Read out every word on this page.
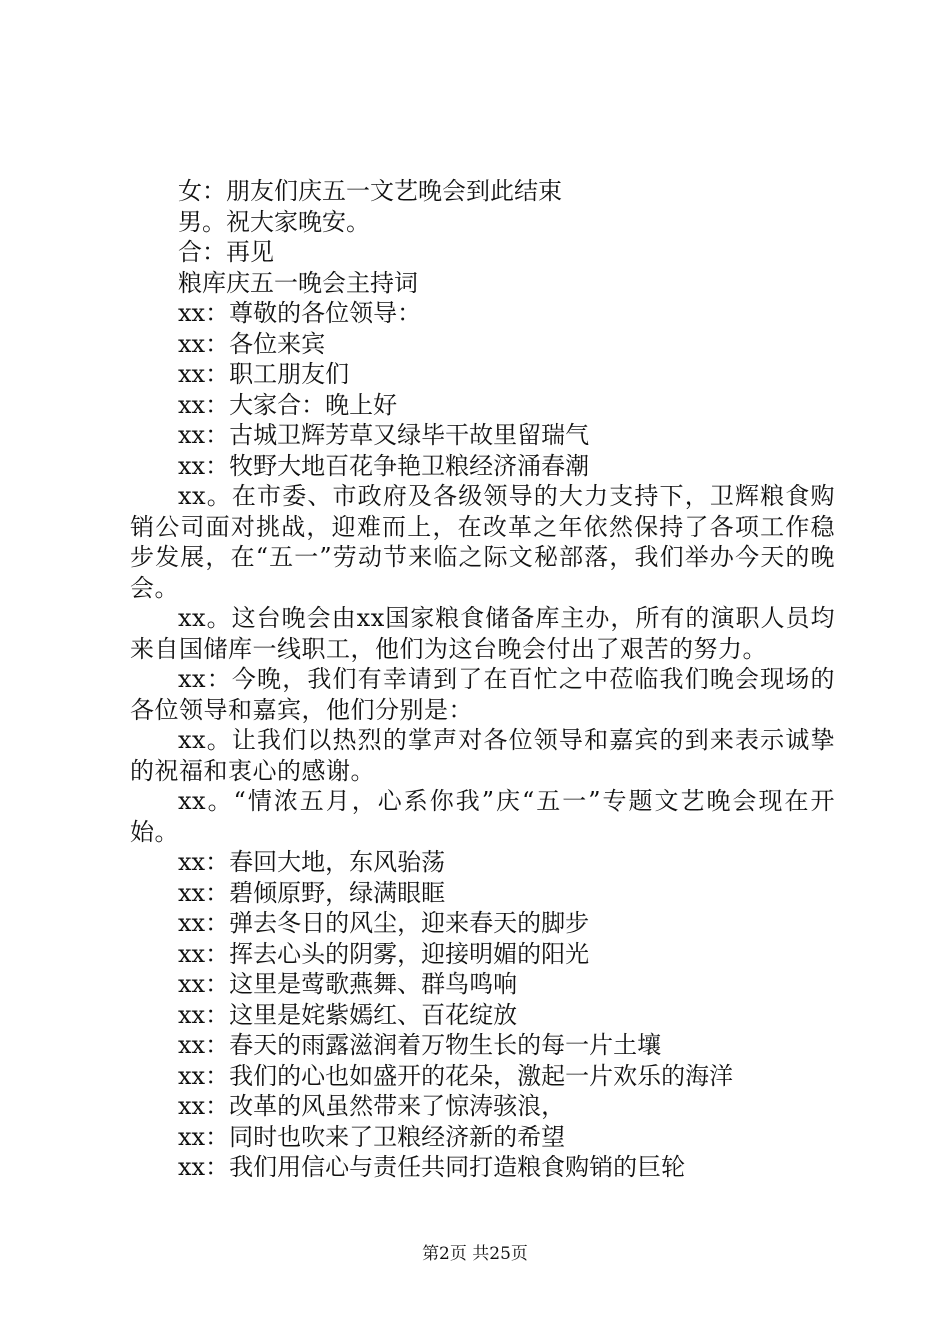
女：朋友们庆五一文艺晚会到此结束

男。祝大家晚安。

合：再见

粮库庆五一晚会主持词

xx：尊敬的各位领导：

xx：各位来宾

xx：职工朋友们

xx：大家合：晚上好

xx：古城卫辉芳草又绿毕干故里留瑞气

xx：牧野大地百花争艳卫粮经济涌春潮

xx。在市委、市政府及各级领导的大力支持下，卫辉粮食购销公司面对挑战，迎难而上，在改革之年依然保持了各项工作稳步发展，在“五一”劳动节来临之际文秘部落，我们举办今天的晚会。

xx。这台晚会由xx国家粮食储备库主办，所有的演职人员均来自国储库一线职工，他们为这台晚会付出了艰苦的努力。

xx：今晚，我们有幸请到了在百忙之中莅临我们晚会现场的各位领导和嘉宾，他们分别是：

xx。让我们以热烈的掌声对各位领导和嘉宾的到来表示诚挚的祝福和衷心的感谢。

xx。“情浓五月，心系你我”庆“五一”专题文艺晚会现在开始。

xx：春回大地，东风骀荡

xx：碧倾原野，绿满眼眶

xx：弹去冬日的风尘，迎来春天的脚步

xx：挥去心头的阴雾，迎接明媚的阳光

xx：这里是莺歌燕舞、群鸟鸣响

xx：这里是姹紫嫣红、百花绽放

xx：春天的雨露滋润着万物生长的每一片土壤

xx：我们的心也如盛开的花朵，激起一片欢乐的海洋

xx：改革的风虽然带来了惊涛骇浪，

xx：同时也吹来了卫粮经济新的希望

xx：我们用信心与责任共同打造粮食购销的巨轮

第2页 共25页
